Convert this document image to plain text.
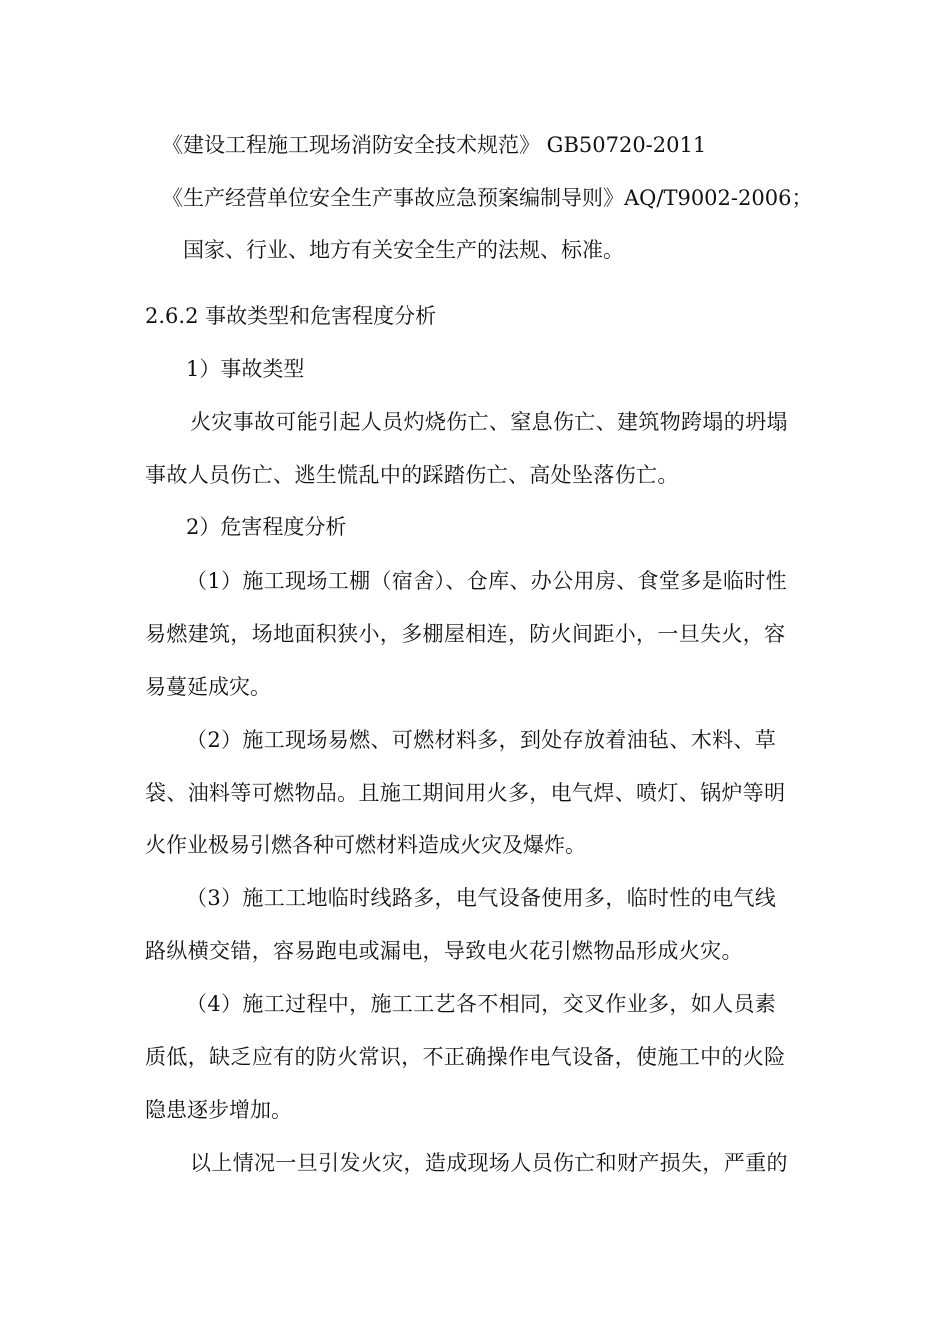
《建设工程施工现场消防安全技术规范》 GB50720-2011
《生产经营单位安全生产事故应急预案编制导则》AQ/T9002-2006；
国家、行业、地方有关安全生产的法规、标准。
2.6.2 事故类型和危害程度分析
1）事故类型
火灾事故可能引起人员灼烧伤亡、窒息伤亡、建筑物跨塌的坍塌
事故人员伤亡、逃生慌乱中的踩踏伤亡、高处坠落伤亡。
2）危害程度分析
（1）施工现场工棚（宿舍）、仓库、办公用房、食堂多是临时性
易燃建筑，场地面积狭小，多棚屋相连，防火间距小，一旦失火，容
易蔓延成灾。
（2）施工现场易燃、可燃材料多，到处存放着油毡、木料、草
袋、油料等可燃物品。且施工期间用火多，电气焊、喷灯、锅炉等明
火作业极易引燃各种可燃材料造成火灾及爆炸。
（3）施工工地临时线路多，电气设备使用多，临时性的电气线
路纵横交错，容易跑电或漏电，导致电火花引燃物品形成火灾。
（4）施工过程中，施工工艺各不相同，交叉作业多，如人员素
质低，缺乏应有的防火常识，不正确操作电气设备，使施工中的火险
隐患逐步增加。
以上情况一旦引发火灾，造成现场人员伤亡和财产损失，严重的
